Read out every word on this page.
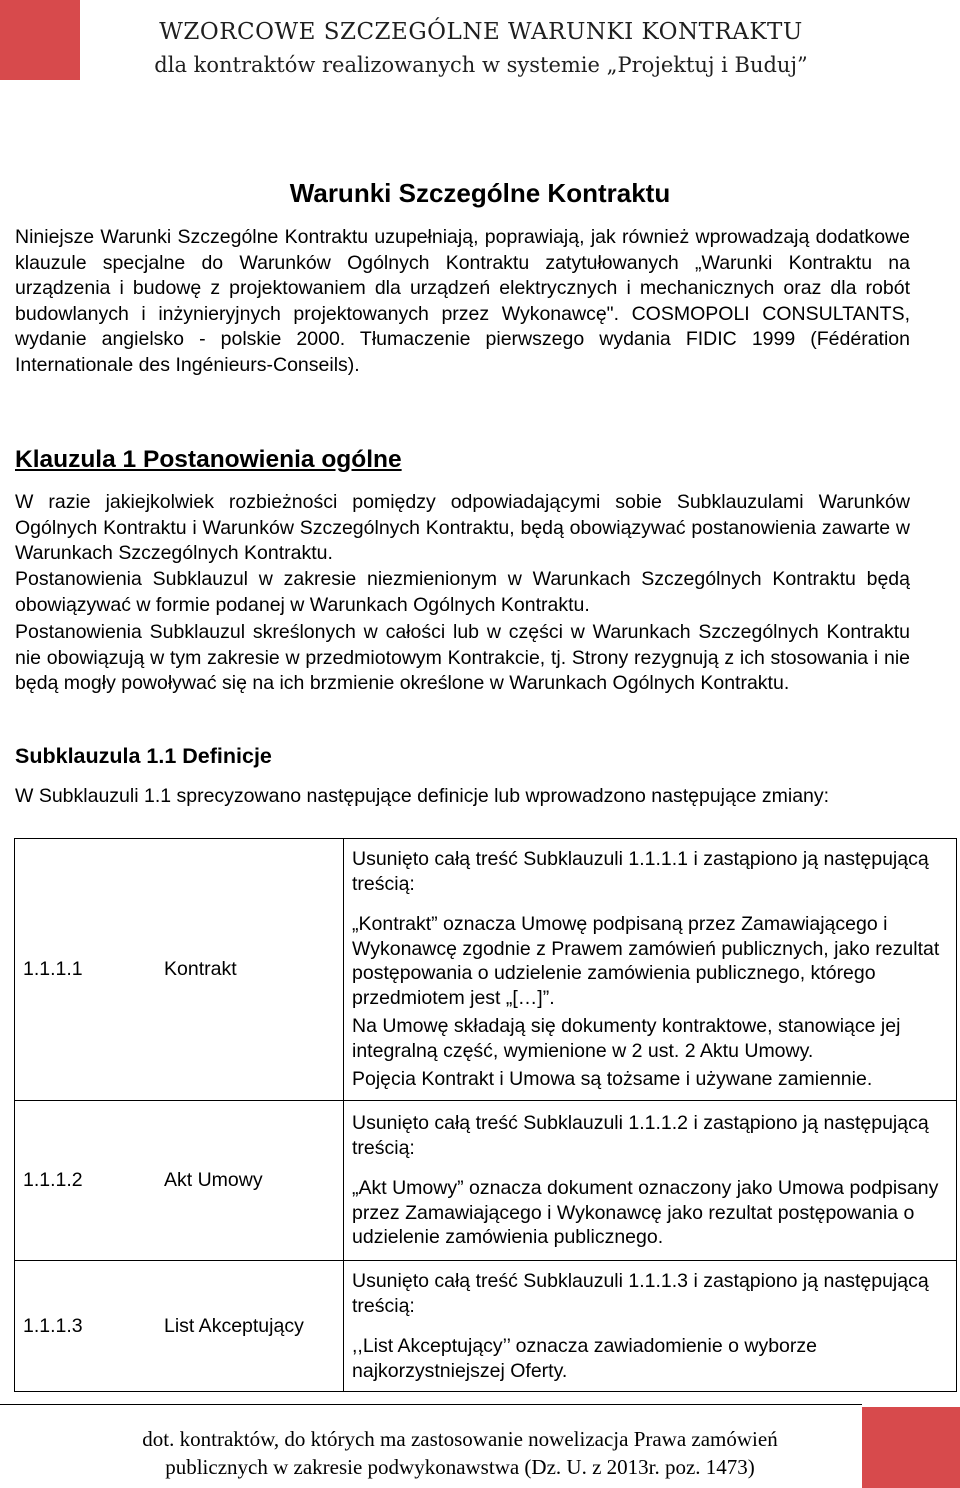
WZORCOWE SZCZEGÓLNE WARUNKI KONTRAKTU
dla kontraktów realizowanych w systemie „Projektuj i Buduj”
Warunki Szczególne Kontraktu
Niniejsze Warunki Szczególne Kontraktu uzupełniają, poprawiają, jak również wprowadzają dodatkowe klauzule specjalne do Warunków Ogólnych Kontraktu zatytułowanych „Warunki Kontraktu na urządzenia i budowę z projektowaniem dla urządzeń elektrycznych i mechanicznych oraz dla robót budowlanych i inżynieryjnych projektowanych przez Wykonawcę". COSMOPOLI CONSULTANTS, wydanie angielsko - polskie 2000. Tłumaczenie pierwszego wydania FIDIC 1999 (Fédération Internationale des Ingénieurs-Conseils).
Klauzula 1 Postanowienia ogólne
W razie jakiejkolwiek rozbieżności pomiędzy odpowiadającymi sobie Subklauzulami Warunków Ogólnych Kontraktu i Warunków Szczególnych Kontraktu, będą obowiązywać postanowienia zawarte w Warunkach Szczególnych Kontraktu.
Postanowienia Subklauzul w zakresie niezmienionym w Warunkach Szczególnych Kontraktu będą obowiązywać w formie podanej w Warunkach Ogólnych Kontraktu.
Postanowienia Subklauzul skreślonych w całości lub w części w Warunkach Szczególnych Kontraktu nie obowiązują w tym zakresie w przedmiotowym Kontrakcie, tj. Strony rezygnują z ich stosowania i nie będą mogły powoływać się na ich brzmienie określone w Warunkach Ogólnych Kontraktu.
Subklauzula 1.1 Definicje
W Subklauzuli 1.1 sprecyzowano następujące definicje lub wprowadzono następujące zmiany:
1.1.1.1	Kontrakt	Usunięto całą treść Subklauzuli 1.1.1.1 i zastąpiono ją następującą treścią:

„Kontrakt” oznacza Umowę podpisaną przez Zamawiającego i Wykonawcę zgodnie z Prawem zamówień publicznych, jako rezultat postępowania o udzielenie zamówienia publicznego, którego przedmiotem jest „[…]”.

Na Umowę składają się dokumenty kontraktowe, stanowiące jej integralną część, wymienione w 2 ust. 2 Aktu Umowy.

Pojęcia Kontrakt i Umowa są tożsame i używane zamiennie.

1.1.1.2	Akt Umowy	Usunięto całą treść Subklauzuli 1.1.1.2 i zastąpiono ją następującą treścią:

„Akt Umowy” oznacza dokument oznaczony jako Umowa podpisany przez Zamawiającego i Wykonawcę jako rezultat postępowania o udzielenie zamówienia publicznego.

1.1.1.3	List Akceptujący	Usunięto całą treść Subklauzuli 1.1.1.3 i zastąpiono ją następującą treścią:

,,List Akceptujący’’ oznacza zawiadomienie o wyborze najkorzystniejszej Oferty.

dot. kontraktów, do których ma zastosowanie nowelizacja Prawa zamówień
publicznych w zakresie podwykonawstwa (Dz. U. z 2013r. poz. 1473)
